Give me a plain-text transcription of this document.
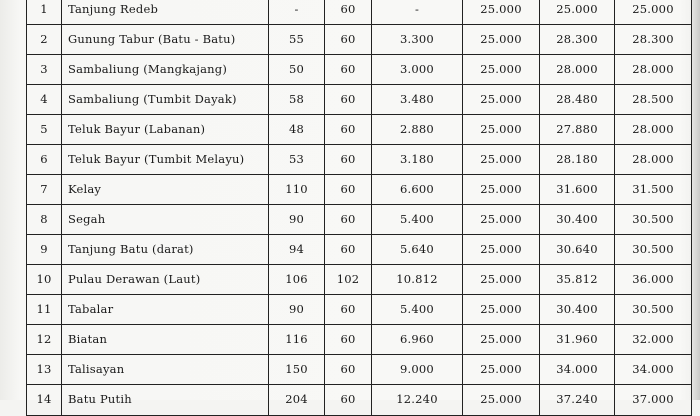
1	Tanjung Redeb	-	60	-	25.000	25.000	25.000
2	Gunung Tabur (Batu - Batu)	55	60	3.300	25.000	28.300	28.300
3	Sambaliung (Mangkajang)	50	60	3.000	25.000	28.000	28.000
4	Sambaliung (Tumbit Dayak)	58	60	3.480	25.000	28.480	28.500
5	Teluk Bayur (Labanan)	48	60	2.880	25.000	27.880	28.000
6	Teluk Bayur (Tumbit Melayu)	53	60	3.180	25.000	28.180	28.000
7	Kelay	110	60	6.600	25.000	31.600	31.500
8	Segah	90	60	5.400	25.000	30.400	30.500
9	Tanjung Batu (darat)	94	60	5.640	25.000	30.640	30.500
10	Pulau Derawan (Laut)	106	102	10.812	25.000	35.812	36.000
11	Tabalar	90	60	5.400	25.000	30.400	30.500
12	Biatan	116	60	6.960	25.000	31.960	32.000
13	Talisayan	150	60	9.000	25.000	34.000	34.000
14	Batu Putih	204	60	12.240	25.000	37.240	37.000
